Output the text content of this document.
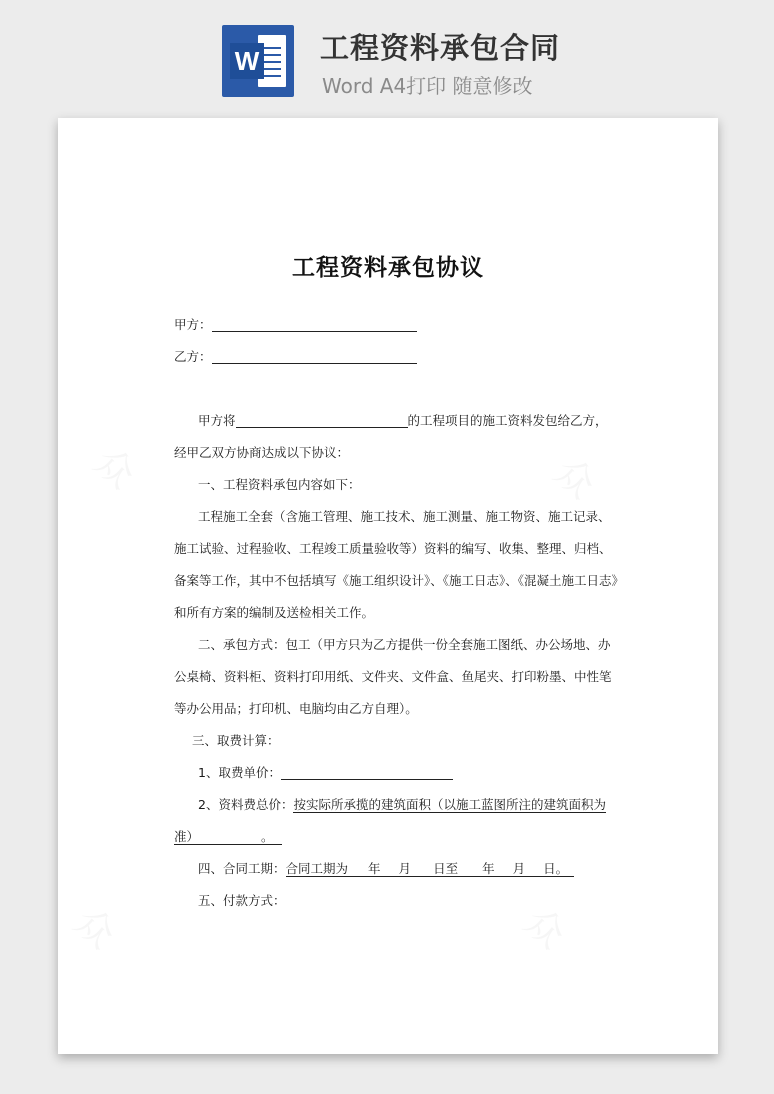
W 工程资料承包合同
Word A4打印 随意修改
众	众
众	众
工程资料承包协议
甲方：
乙方：
甲方将	的工程项目的施工资料发包给乙方，
经甲乙双方协商达成以下协议：
一、工程资料承包内容如下：
工程施工全套（含施工管理、施工技术、施工测量、施工物资、施工记录、
施工试验、过程验收、工程竣工质量验收等）资料的编写、收集、整理、归档、
备案等工作，其中不包括填写《施工组织设计》、《施工日志》、《混凝土施工日志》
和所有方案的编制及送检相关工作。
二、承包方式：包工（甲方只为乙方提供一份全套施工图纸、办公场地、办
公桌椅、资料柜、资料打印用纸、文件夹、文件盒、鱼尾夹、打印粉墨、中性笔
等办公用品；打印机、电脑均由乙方自理）。
三、取费计算：
1、取费单价：
2、资料费总价：按实际所承揽的建筑面积（以施工蓝图所注的建筑面积为
准）	。
四、合同工期：合同工期为 年 月 日至 年 月 日。
五、付款方式：
